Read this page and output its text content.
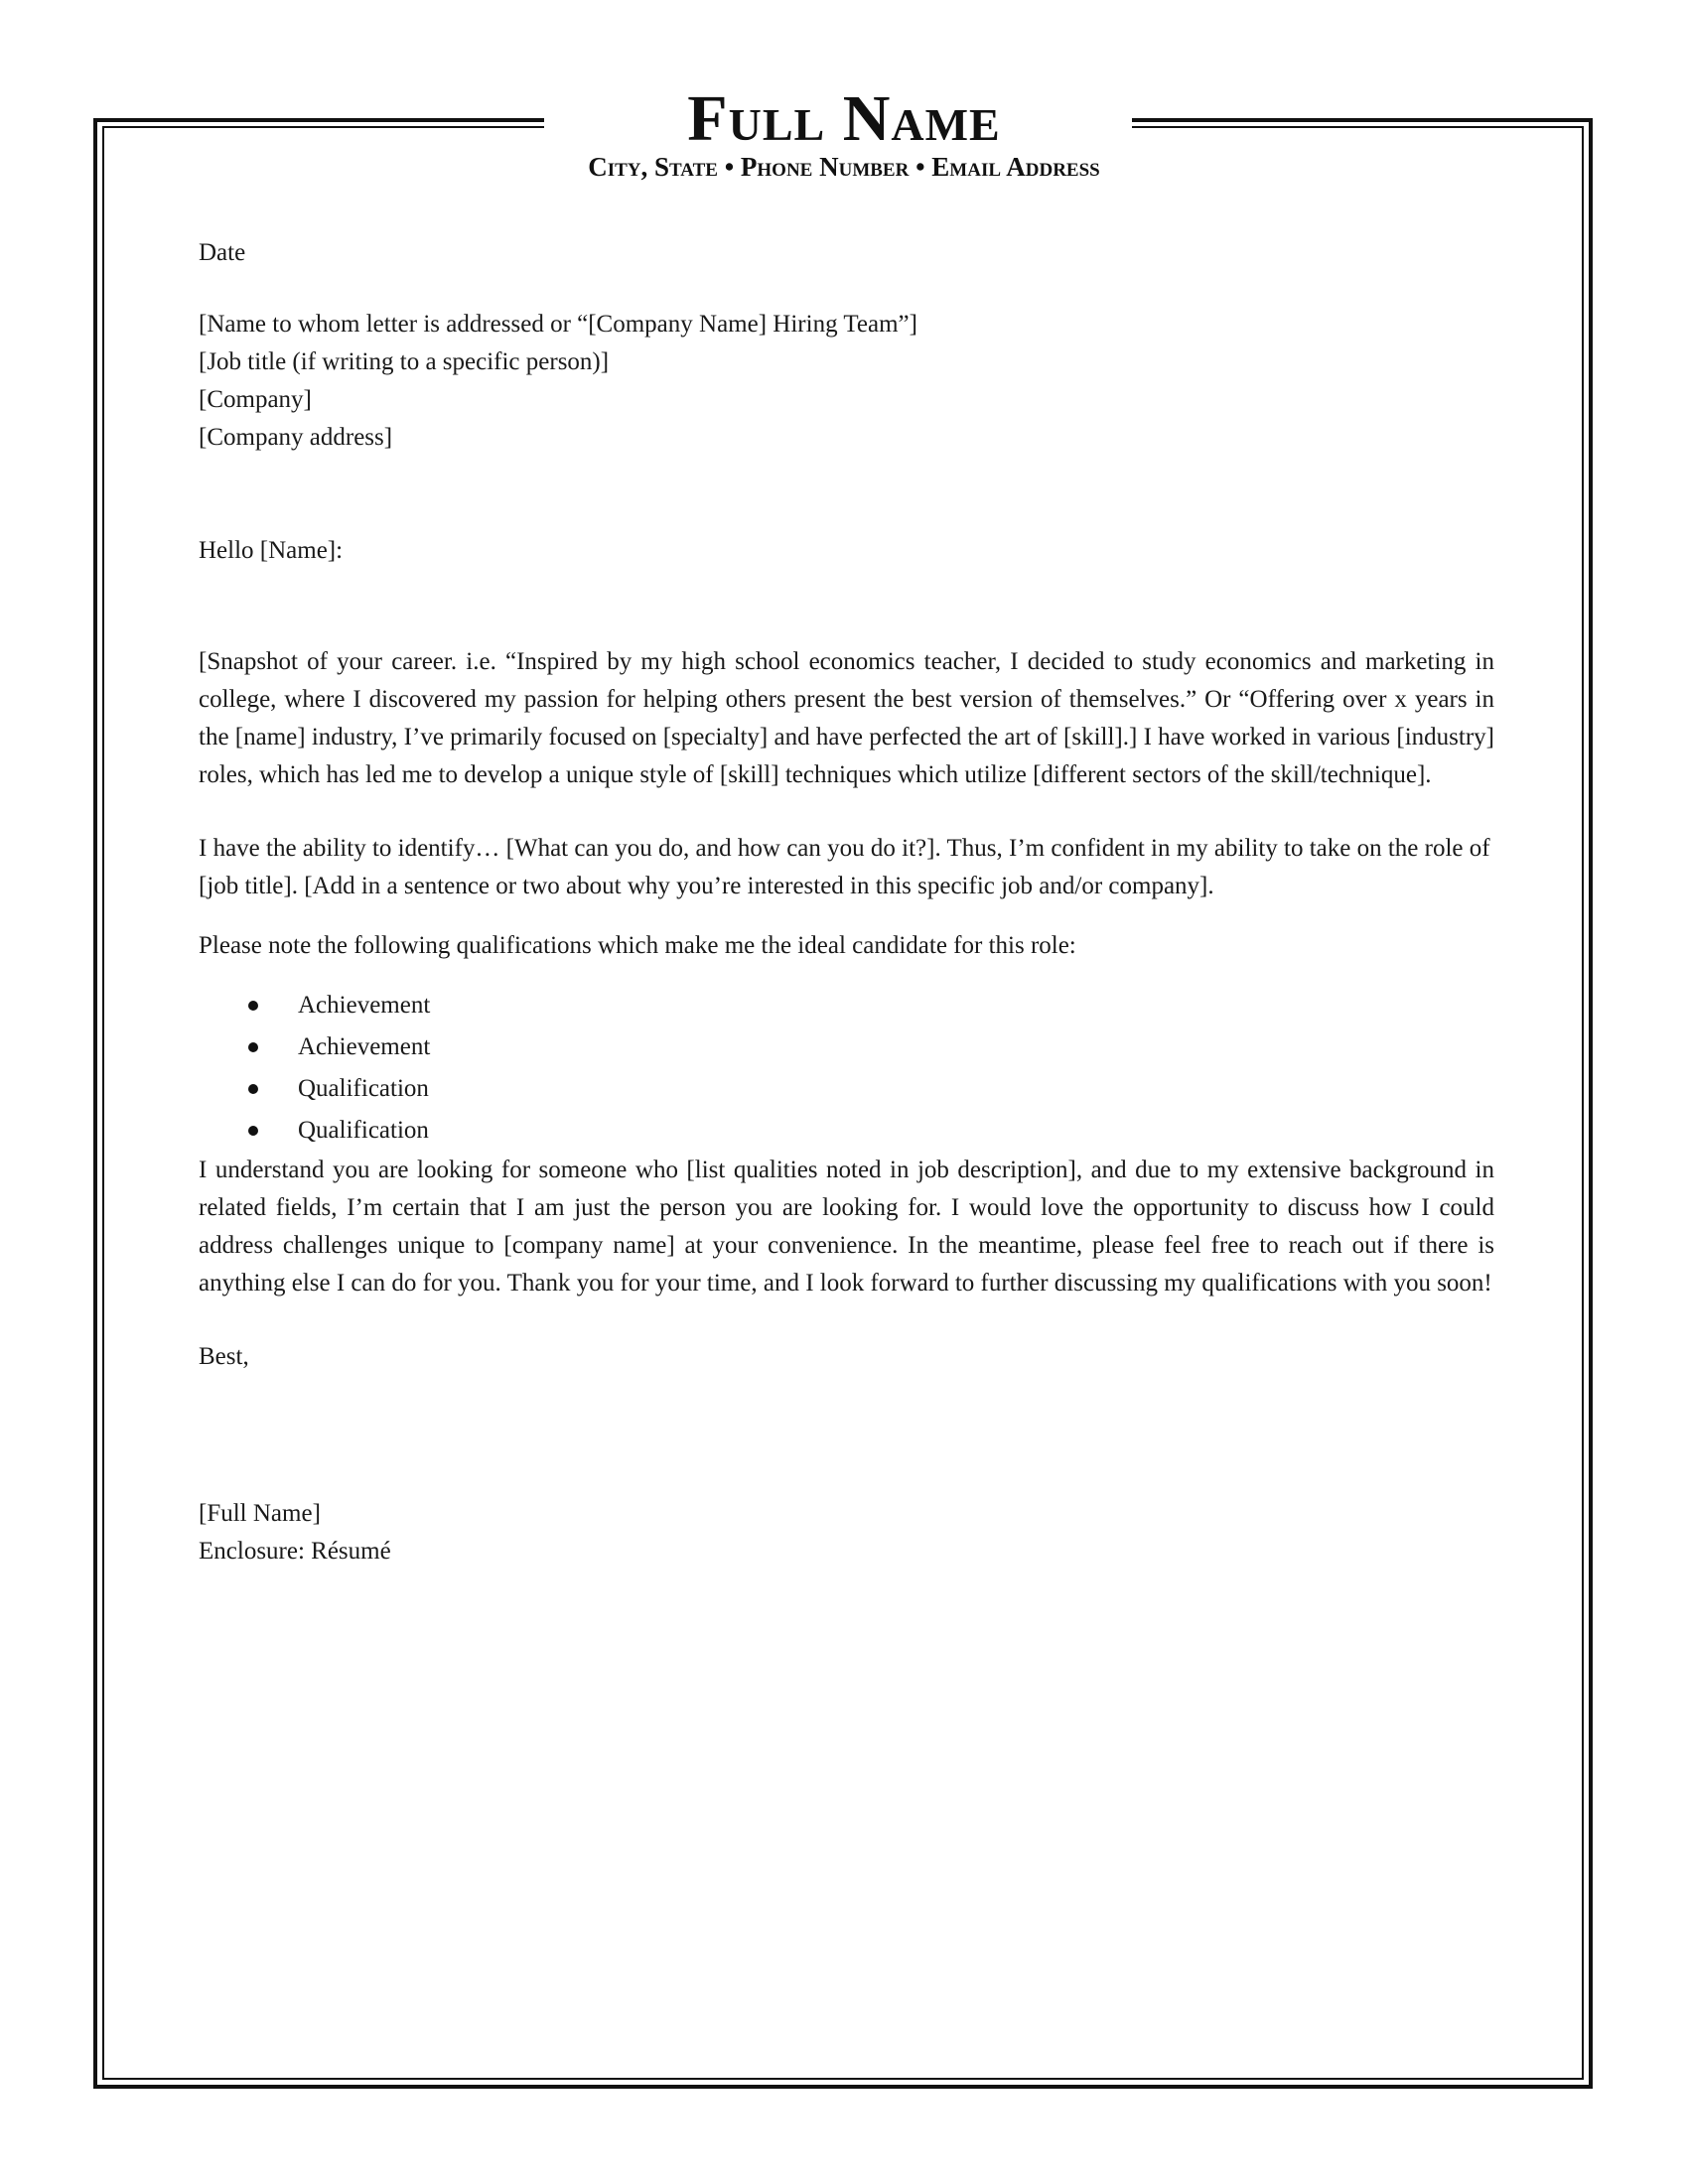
Full Name
City, State • Phone Number • Email Address

Date

[Name to whom letter is addressed or “[Company Name] Hiring Team”]

[Job title (if writing to a specific person)]

[Company]

[Company address]

Hello [Name]:

[Snapshot of your career. i.e. “Inspired by my high school economics teacher, I decided to study economics and marketing in college, where I discovered my passion for helping others present the best version of themselves.” Or “Offering over x years in the [name] industry, I’ve primarily focused on [specialty] and have perfected the art of [skill].] I have worked in various [industry] roles, which has led me to develop a unique style of [skill] techniques which utilize [different sectors of the skill/technique].

I have the ability to identify… [What can you do, and how can you do it?]. Thus, I’m confident in my ability to take on the role of [job title]. [Add in a sentence or two about why you’re interested in this specific job and/or company].

Please note the following qualifications which make me the ideal candidate for this role:

Achievement
Achievement
Qualification
Qualification

I understand you are looking for someone who [list qualities noted in job description], and due to my extensive background in related fields, I’m certain that I am just the person you are looking for. I would love the opportunity to discuss how I could address challenges unique to [company name] at your convenience. In the meantime, please feel free to reach out if there is anything else I can do for you. Thank you for your time, and I look forward to further discussing my qualifications with you soon!

Best,

[Full Name]

Enclosure: Résumé
